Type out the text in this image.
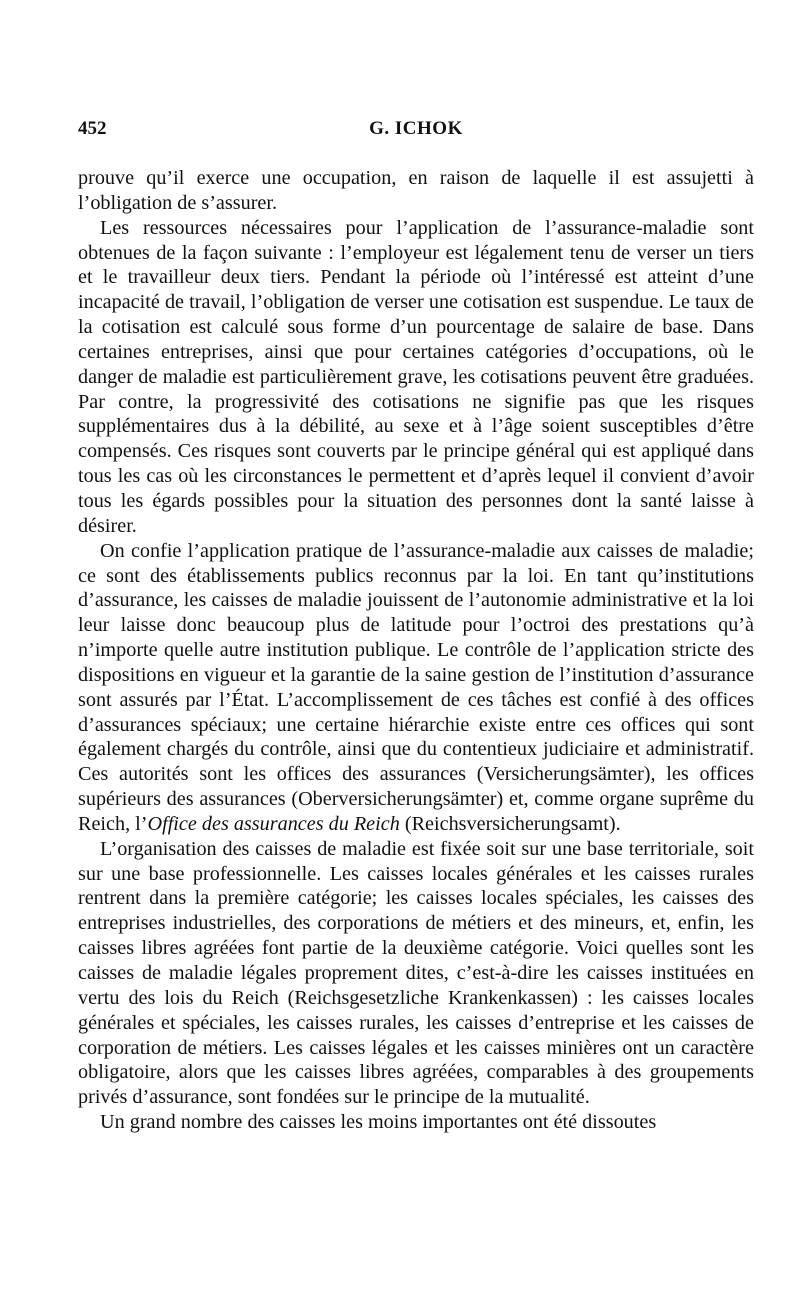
452	G. ICHOK

prouve qu’il exerce une occupation, en raison de laquelle il est assujetti à l’obligation de s’assurer.

Les ressources nécessaires pour l’application de l’assurance-maladie sont obtenues de la façon suivante : l’employeur est légalement tenu de verser un tiers et le travailleur deux tiers. Pendant la période où l’intéressé est atteint d’une incapacité de travail, l’obligation de verser une cotisation est suspendue. Le taux de la cotisation est calculé sous forme d’un pourcentage de salaire de base. Dans certaines entreprises, ainsi que pour certaines catégories d’occupations, où le danger de maladie est particulièrement grave, les cotisations peuvent être graduées. Par contre, la progressivité des cotisations ne signifie pas que les risques supplémentaires dus à la débilité, au sexe et à l’âge soient susceptibles d’être compensés. Ces risques sont couverts par le principe général qui est appliqué dans tous les cas où les circonstances le permettent et d’après lequel il convient d’avoir tous les égards possibles pour la situation des personnes dont la santé laisse à désirer.

On confie l’application pratique de l’assurance-maladie aux caisses de maladie; ce sont des établissements publics reconnus par la loi. En tant qu’institutions d’assurance, les caisses de maladie jouissent de l’autonomie administrative et la loi leur laisse donc beaucoup plus de latitude pour l’octroi des prestations qu’à n’importe quelle autre institution publique. Le contrôle de l’application stricte des dispositions en vigueur et la garantie de la saine gestion de l’institution d’assurance sont assurés par l’État. L’accomplissement de ces tâches est confié à des offices d’assurances spéciaux; une certaine hiérarchie existe entre ces offices qui sont également chargés du contrôle, ainsi que du contentieux judiciaire et administratif. Ces autorités sont les offices des assurances (Versicherungsämter), les offices supérieurs des assurances (Oberversicherungsämter) et, comme organe suprême du Reich, l’Office des assurances du Reich (Reichsversicherungsamt).

L’organisation des caisses de maladie est fixée soit sur une base territoriale, soit sur une base professionnelle. Les caisses locales générales et les caisses rurales rentrent dans la première catégorie; les caisses locales spéciales, les caisses des entreprises industrielles, des corporations de métiers et des mineurs, et, enfin, les caisses libres agréées font partie de la deuxième catégorie. Voici quelles sont les caisses de maladie légales proprement dites, c’est-à-dire les caisses instituées en vertu des lois du Reich (Reichsgesetzliche Krankenkassen) : les caisses locales générales et spéciales, les caisses rurales, les caisses d’entreprise et les caisses de corporation de métiers. Les caisses légales et les caisses minières ont un caractère obligatoire, alors que les caisses libres agréées, comparables à des groupements privés d’assurance, sont fondées sur le principe de la mutualité.

Un grand nombre des caisses les moins importantes ont été dissoutes
